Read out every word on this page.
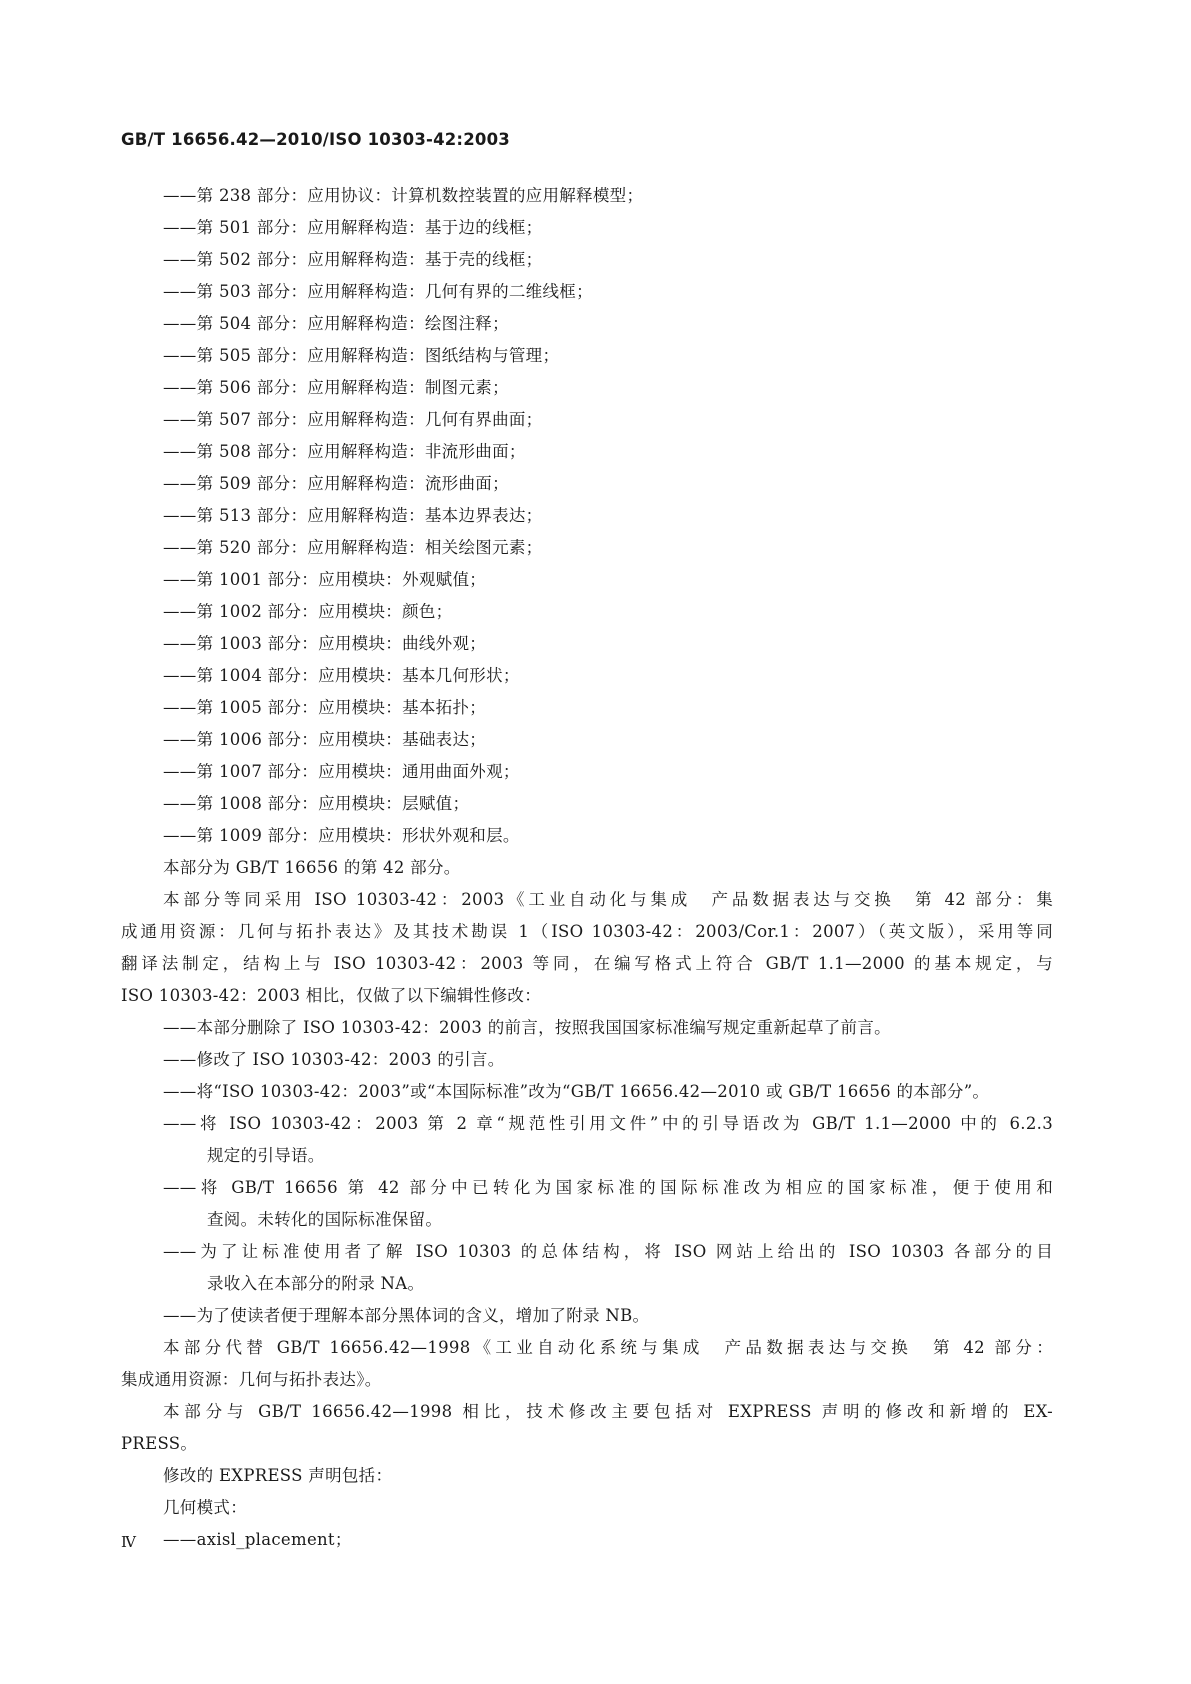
GB/T 16656.42—2010/ISO 10303-42:2003
——第 238 部分：应用协议：计算机数控装置的应用解释模型；
——第 501 部分：应用解释构造：基于边的线框；
——第 502 部分：应用解释构造：基于壳的线框；
——第 503 部分：应用解释构造：几何有界的二维线框；
——第 504 部分：应用解释构造：绘图注释；
——第 505 部分：应用解释构造：图纸结构与管理；
——第 506 部分：应用解释构造：制图元素；
——第 507 部分：应用解释构造：几何有界曲面；
——第 508 部分：应用解释构造：非流形曲面；
——第 509 部分：应用解释构造：流形曲面；
——第 513 部分：应用解释构造：基本边界表达；
——第 520 部分：应用解释构造：相关绘图元素；
——第 1001 部分：应用模块：外观赋值；
——第 1002 部分：应用模块：颜色；
——第 1003 部分：应用模块：曲线外观；
——第 1004 部分：应用模块：基本几何形状；
——第 1005 部分：应用模块：基本拓扑；
——第 1006 部分：应用模块：基础表达；
——第 1007 部分：应用模块：通用曲面外观；
——第 1008 部分：应用模块：层赋值；
——第 1009 部分：应用模块：形状外观和层。
本部分为 GB/T 16656 的第 42 部分。
本部分等同采用 ISO 10303-42：2003《工业自动化与集成　产品数据表达与交换　第 42 部分：集
成通用资源：几何与拓扑表达》及其技术勘误 1（ISO 10303-42：2003/Cor.1：2007）（英文版），采用等同
翻译法制定，结构上与 ISO 10303-42：2003 等同，在编写格式上符合 GB/T 1.1—2000 的基本规定，与
ISO 10303-42：2003 相比，仅做了以下编辑性修改：
——本部分删除了 ISO 10303-42：2003 的前言，按照我国国家标准编写规定重新起草了前言。
——修改了 ISO 10303-42：2003 的引言。
——将“ISO 10303-42：2003”或“本国际标准”改为“GB/T 16656.42—2010 或 GB/T 16656 的本部分”。
——将 ISO 10303-42：2003 第 2 章“规范性引用文件”中的引导语改为 GB/T 1.1—2000 中的 6.2.3
规定的引导语。
——将 GB/T 16656 第 42 部分中已转化为国家标准的国际标准改为相应的国家标准，便于使用和
查阅。未转化的国际标准保留。
——为了让标准使用者了解 ISO 10303 的总体结构，将 ISO 网站上给出的 ISO 10303 各部分的目
录收入在本部分的附录 NA。
——为了使读者便于理解本部分黑体词的含义，增加了附录 NB。
本部分代替 GB/T 16656.42—1998《工业自动化系统与集成　产品数据表达与交换　第 42 部分：
集成通用资源：几何与拓扑表达》。
本部分与 GB/T 16656.42—1998 相比，技术修改主要包括对 EXPRESS 声明的修改和新增的 EX-
PRESS。
修改的 EXPRESS 声明包括：
几何模式：
——axisl_placement；
Ⅳ
